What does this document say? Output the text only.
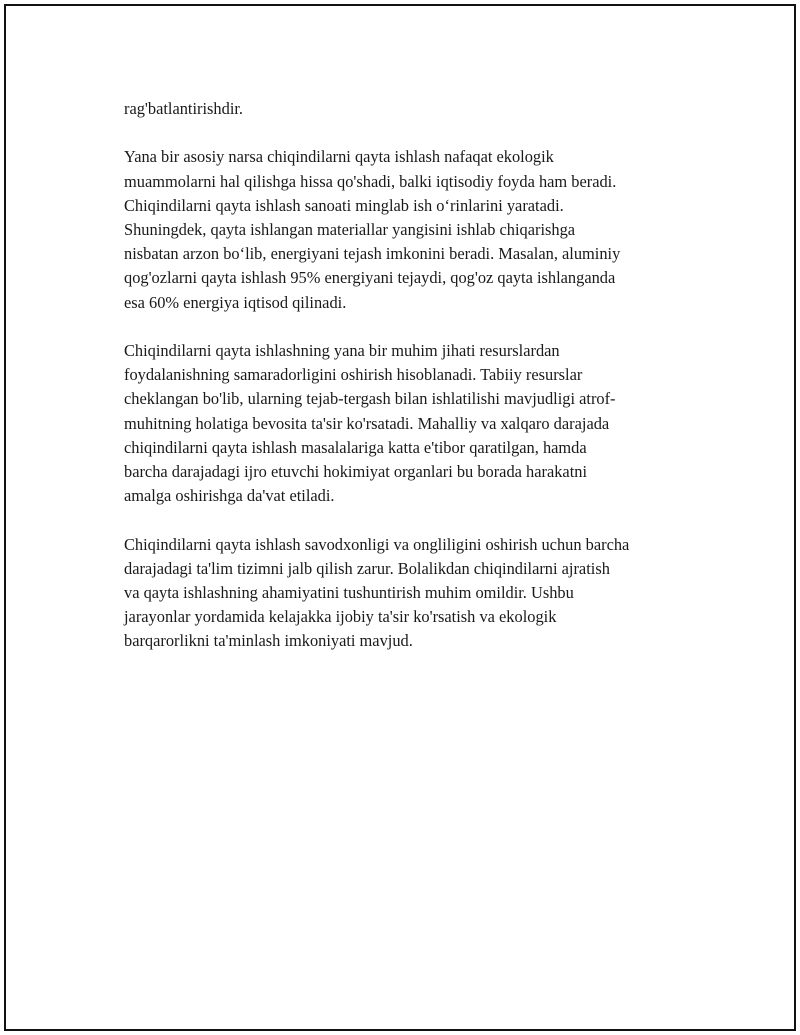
rag'batlantirishdir.

Yana bir asosiy narsa chiqindilarni qayta ishlash nafaqat ekologik
muammolarni hal qilishga hissa qo'shadi, balki iqtisodiy foyda ham beradi.
Chiqindilarni qayta ishlash sanoati minglab ish o‘rinlarini yaratadi.
Shuningdek, qayta ishlangan materiallar yangisini ishlab chiqarishga
nisbatan arzon bo‘lib, energiyani tejash imkonini beradi. Masalan, aluminiy
qog'ozlarni qayta ishlash 95% energiyani tejaydi, qog'oz qayta ishlanganda
esa 60% energiya iqtisod qilinadi.

Chiqindilarni qayta ishlashning yana bir muhim jihati resurslardan
foydalanishning samaradorligini oshirish hisoblanadi. Tabiiy resurslar
cheklangan bo'lib, ularning tejab-tergash bilan ishlatilishi mavjudligi atrof-
muhitning holatiga bevosita ta'sir ko'rsatadi. Mahalliy va xalqaro darajada
chiqindilarni qayta ishlash masalalariga katta e'tibor qaratilgan, hamda
barcha darajadagi ijro etuvchi hokimiyat organlari bu borada harakatni
amalga oshirishga da'vat etiladi.

Chiqindilarni qayta ishlash savodxonligi va ongliligini oshirish uchun barcha
darajadagi ta'lim tizimni jalb qilish zarur. Bolalikdan chiqindilarni ajratish
va qayta ishlashning ahamiyatini tushuntirish muhim omildir. Ushbu
jarayonlar yordamida kelajakka ijobiy ta'sir ko'rsatish va ekologik
barqarorlikni ta'minlash imkoniyati mavjud.
